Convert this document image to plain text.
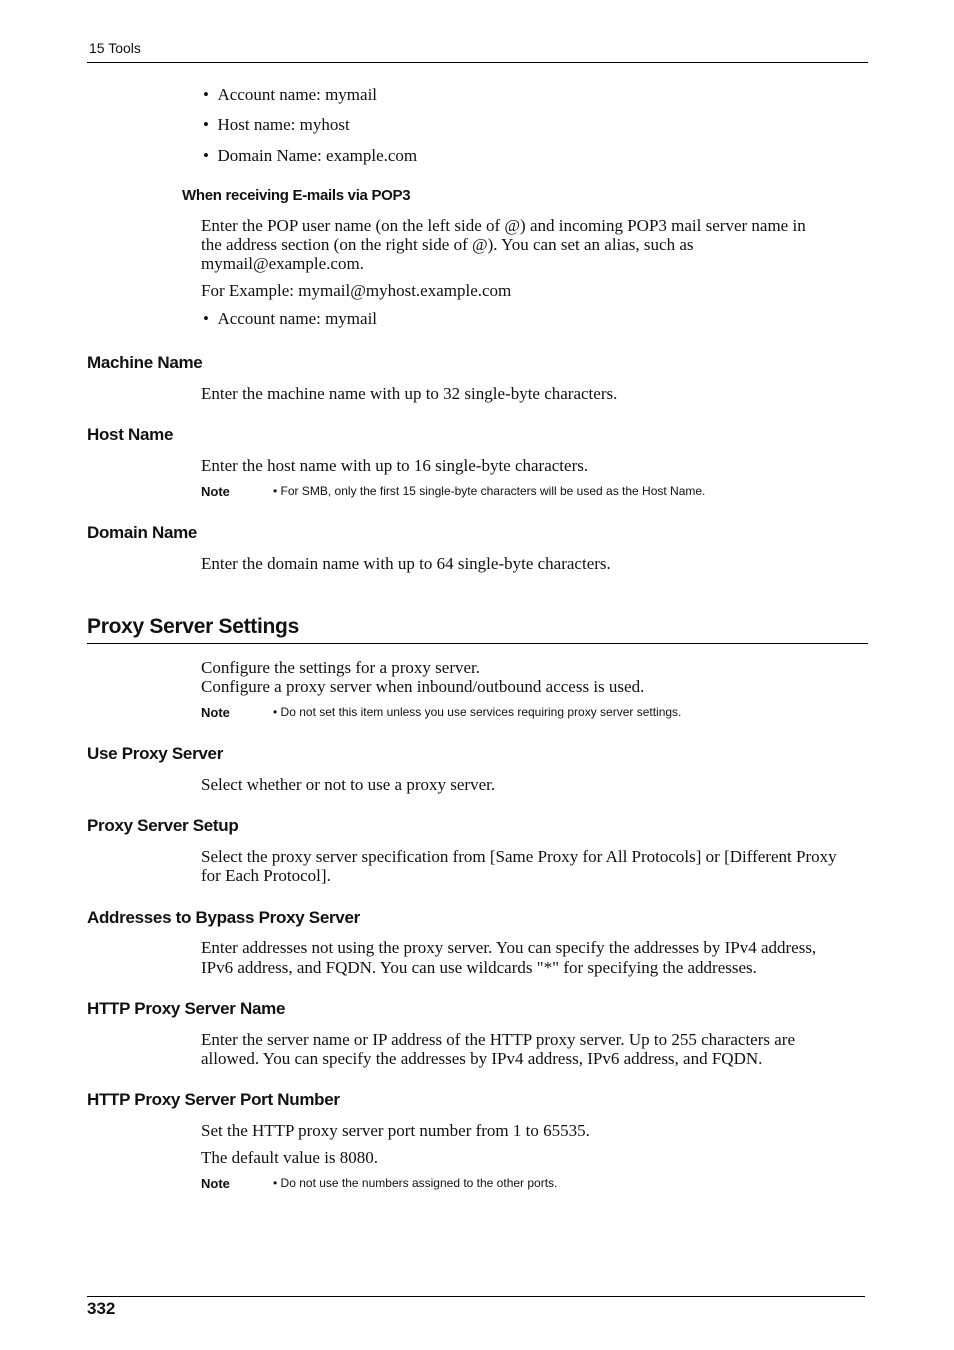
15 Tools
•  Account name: mymail
•  Host name: myhost
•  Domain Name: example.com
When receiving E-mails via POP3
Enter the POP user name (on the left side of @) and incoming POP3 mail server name in
the address section (on the right side of @). You can set an alias, such as
mymail@example.com.
For Example: mymail@myhost.example.com
•  Account name: mymail
Machine Name
Enter the machine name with up to 32 single-byte characters.
Host Name
Enter the host name with up to 16 single-byte characters.
Note	• For SMB, only the first 15 single-byte characters will be used as the Host Name.
Domain Name
Enter the domain name with up to 64 single-byte characters.
Proxy Server Settings
Configure the settings for a proxy server.
Configure a proxy server when inbound/outbound access is used.
Note	• Do not set this item unless you use services requiring proxy server settings.
Use Proxy Server
Select whether or not to use a proxy server.
Proxy Server Setup
Select the proxy server specification from [Same Proxy for All Protocols] or [Different Proxy
for Each Protocol].
Addresses to Bypass Proxy Server
Enter addresses not using the proxy server. You can specify the addresses by IPv4 address,
IPv6 address, and FQDN. You can use wildcards "*" for specifying the addresses.
HTTP Proxy Server Name
Enter the server name or IP address of the HTTP proxy server. Up to 255 characters are
allowed. You can specify the addresses by IPv4 address, IPv6 address, and FQDN.
HTTP Proxy Server Port Number
Set the HTTP proxy server port number from 1 to 65535.
The default value is 8080.
Note	• Do not use the numbers assigned to the other ports.
332
